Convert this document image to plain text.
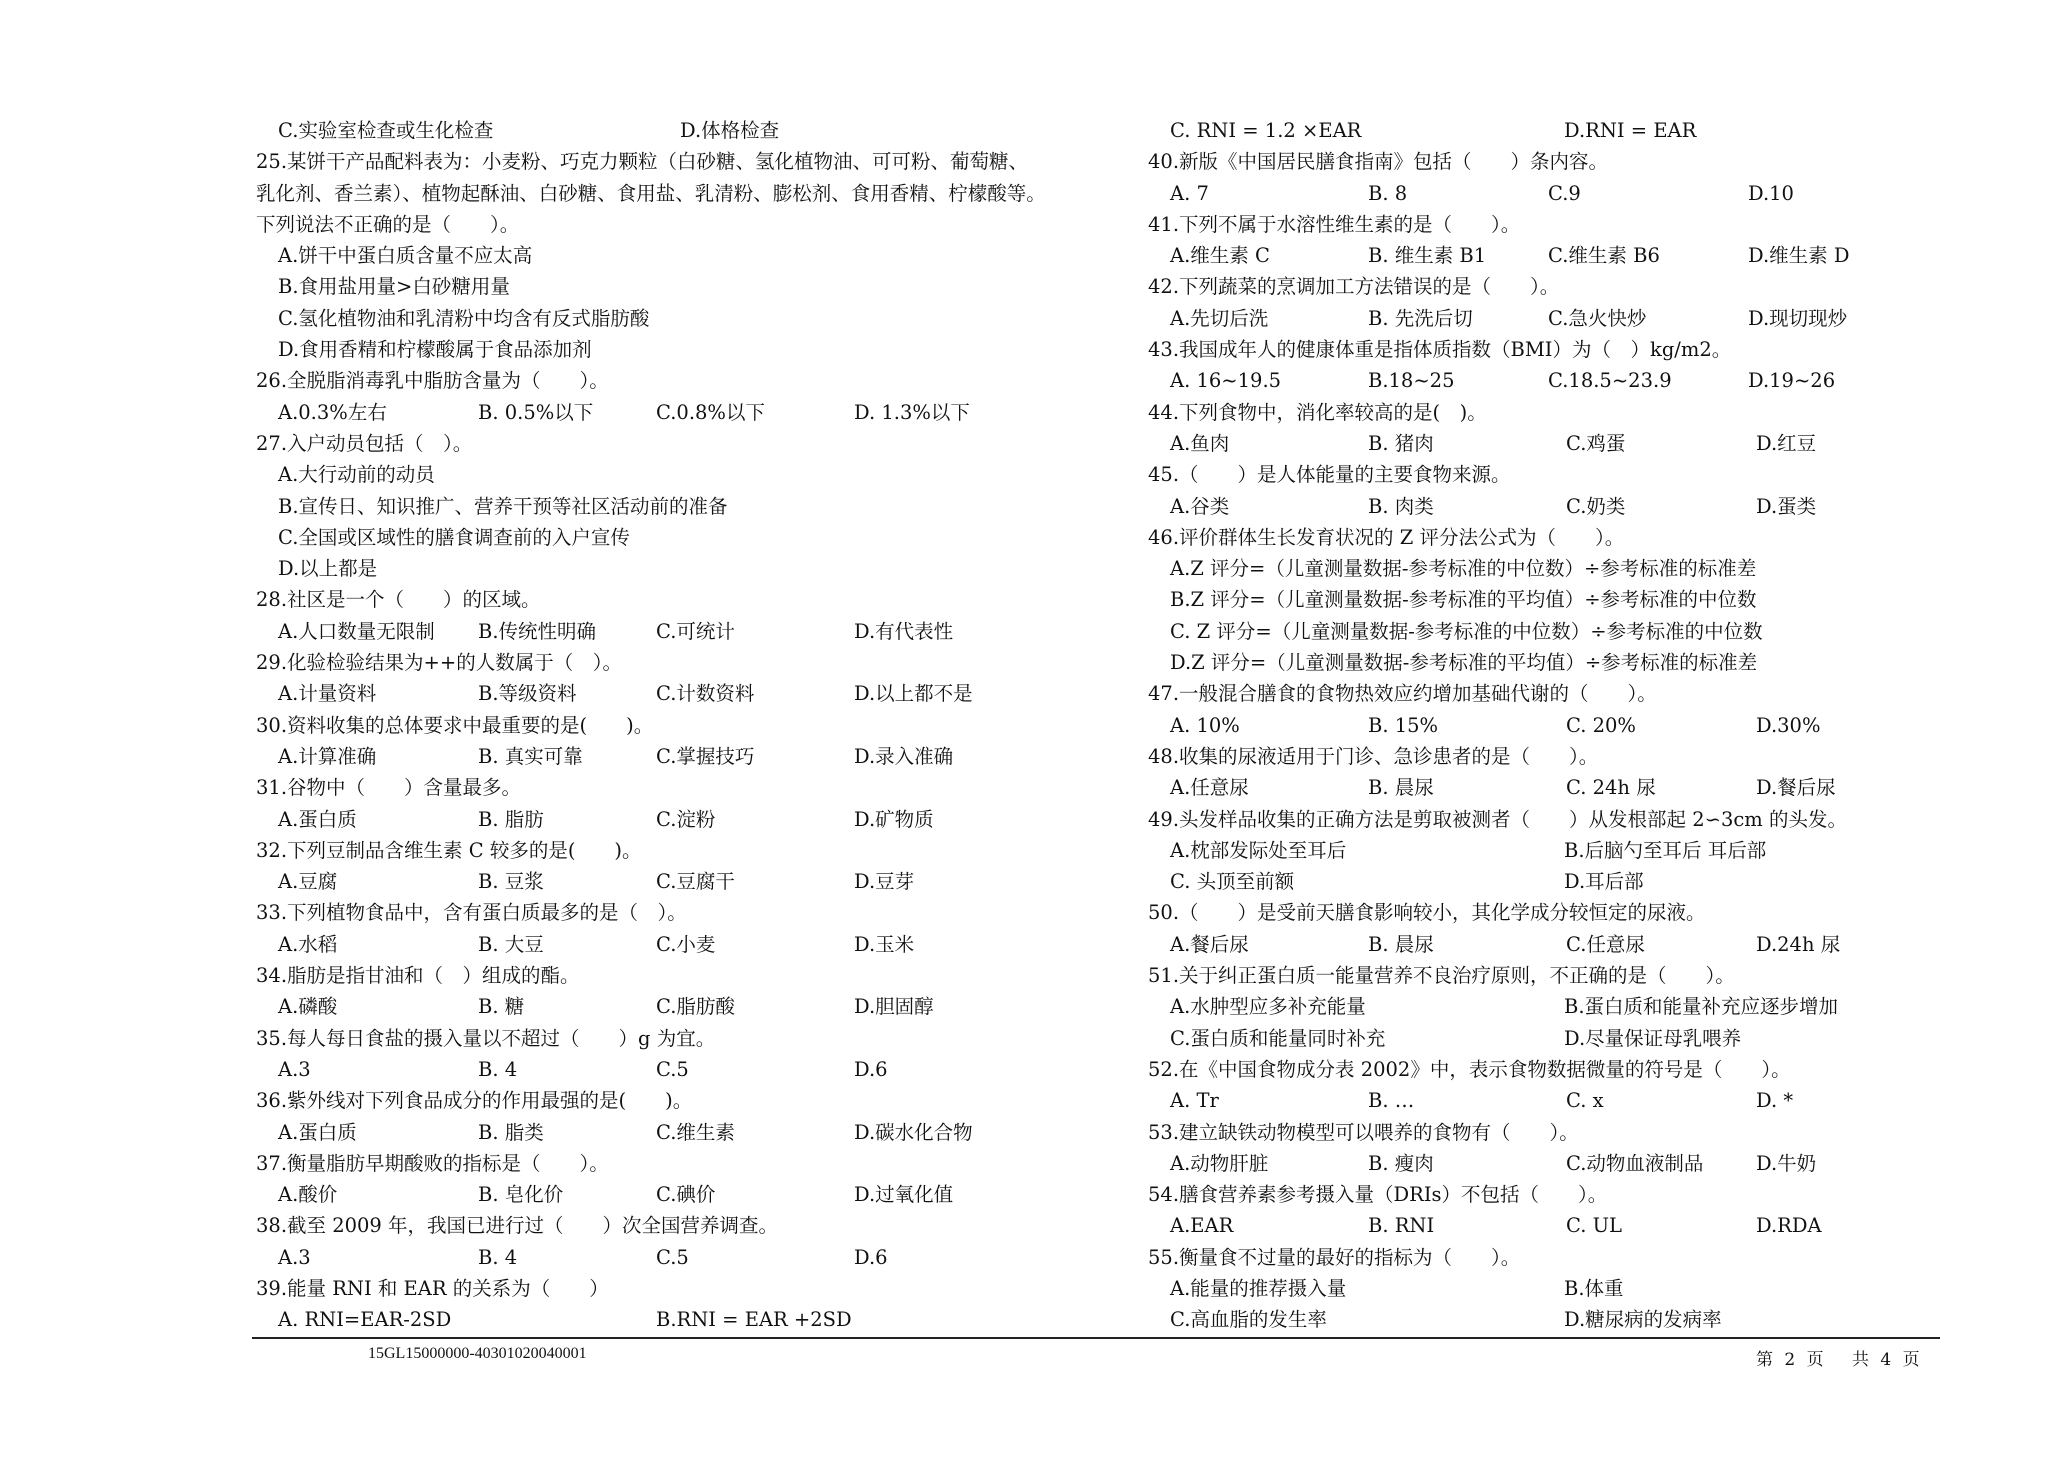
C.实验室检查或生化检查	D.体格检查
25.某饼干产品配料表为：小麦粉、巧克力颗粒（白砂糖、氢化植物油、可可粉、葡萄糖、乳化剂、香兰素）、植物起酥油、白砂糖、食用盐、乳清粉、膨松剂、食用香精、柠檬酸等。下列说法不正确的是（　　）。
A.饼干中蛋白质含量不应太高
B.食用盐用量>白砂糖用量
C.氢化植物油和乳清粉中均含有反式脂肪酸
D.食用香精和柠檬酸属于食品添加剂
26.全脱脂消毒乳中脂肪含量为（　　）。
A.0.3%左右	B. 0.5%以下	C.0.8%以下	D. 1.3%以下
27.入户动员包括（　）。
A.大行动前的动员
B.宣传日、知识推广、营养干预等社区活动前的准备
C.全国或区域性的膳食调查前的入户宣传
D.以上都是
28.社区是一个（　　）的区域。
A.人口数量无限制 B.传统性明确	C.可统计	D.有代表性
29.化验检验结果为++的人数属于（　）。
A.计量资料	B.等级资料	C.计数资料	D.以上都不是
30.资料收集的总体要求中最重要的是(　　)。
A.计算准确	B. 真实可靠	C.掌握技巧	D.录入准确
31.谷物中（　　）含量最多。
A.蛋白质	B. 脂肪	C.淀粉	D.矿物质
32.下列豆制品含维生素 C 较多的是(　　)。
A.豆腐	B. 豆浆	C.豆腐干	D.豆芽
33.下列植物食品中，含有蛋白质最多的是（　）。
A.水稻	B. 大豆	C.小麦	D.玉米
34.脂肪是指甘油和（　）组成的酯。
A.磷酸	B. 糖	C.脂肪酸	D.胆固醇
35.每人每日食盐的摄入量以不超过（　　）g 为宜。
A.3	B. 4	C.5	D.6
36.紫外线对下列食品成分的作用最强的是(　　)。
A.蛋白质	B. 脂类	C.维生素	D.碳水化合物
37.衡量脂肪早期酸败的指标是（　　）。
A.酸价	B. 皂化价	C.碘价	D.过氧化值
38.截至 2009 年，我国已进行过（　　）次全国营养调查。
A.3	B. 4	C.5	D.6
39.能量 RNI 和 EAR 的关系为（　　）
A. RNI=EAR-2SD	B.RNI = EAR +2SD
C. RNI = 1.2 ×EAR	D.RNI = EAR
40.新版《中国居民膳食指南》包括（　　）条内容。
A. 7	B. 8	C.9	D.10
41.下列不属于水溶性维生素的是（　　）。
A.维生素 C	B. 维生素 B1	C.维生素 B6	D.维生素 D
42.下列蔬菜的烹调加工方法错误的是（　　）。
A.先切后洗	B. 先洗后切	C.急火快炒	D.现切现炒
43.我国成年人的健康体重是指体质指数（BMI）为（　）kg/m2。
A. 16~19.5	B.18~25	C.18.5~23.9	D.19~26
44.下列食物中，消化率较高的是(　)。
A.鱼肉	B. 猪肉	C.鸡蛋	D.红豆
45.（　　）是人体能量的主要食物来源。
A.谷类	B. 肉类	C.奶类	D.蛋类
46.评价群体生长发育状况的 Z 评分法公式为（　　）。
A.Z 评分=（儿童测量数据-参考标准的中位数）÷参考标准的标准差
B.Z 评分=（儿童测量数据-参考标准的平均值）÷参考标准的中位数
C. Z 评分=（儿童测量数据-参考标准的中位数）÷参考标准的中位数
D.Z 评分=（儿童测量数据-参考标准的平均值）÷参考标准的标准差
47.一般混合膳食的食物热效应约增加基础代谢的（　　）。
A. 10%	B. 15%	C. 20%	D.30%
48.收集的尿液适用于门诊、急诊患者的是（　　）。
A.任意尿	B. 晨尿	C. 24h 尿	D.餐后尿
49.头发样品收集的正确方法是剪取被测者（　　）从发根部起 2∽3cm 的头发。
A.枕部发际处至耳后	B.后脑勺至耳后 耳后部
C. 头顶至前额	D.耳后部
50.（　　）是受前天膳食影响较小，其化学成分较恒定的尿液。
A.餐后尿	B. 晨尿	C.任意尿	D.24h 尿
51.关于纠正蛋白质一能量营养不良治疗原则，不正确的是（　　）。
A.水肿型应多补充能量	B.蛋白质和能量补充应逐步增加
C.蛋白质和能量同时补充	D.尽量保证母乳喂养
52.在《中国食物成分表 2002》中，表示食物数据微量的符号是（　　）。
A. Tr	B. …	C. x	D. *
53.建立缺铁动物模型可以喂养的食物有（　　）。
A.动物肝脏	B. 瘦肉	C.动物血液制品	D.牛奶
54.膳食营养素参考摄入量（DRIs）不包括（　　）。
A.EAR	B. RNI	C. UL	D.RDA
55.衡量食不过量的最好的指标为（　　）。
A.能量的推荐摄入量	B.体重
C.高血脂的发生率	D.糖尿病的发病率
15GL15000000-40301020040001	第 2 页　 共 4 页
